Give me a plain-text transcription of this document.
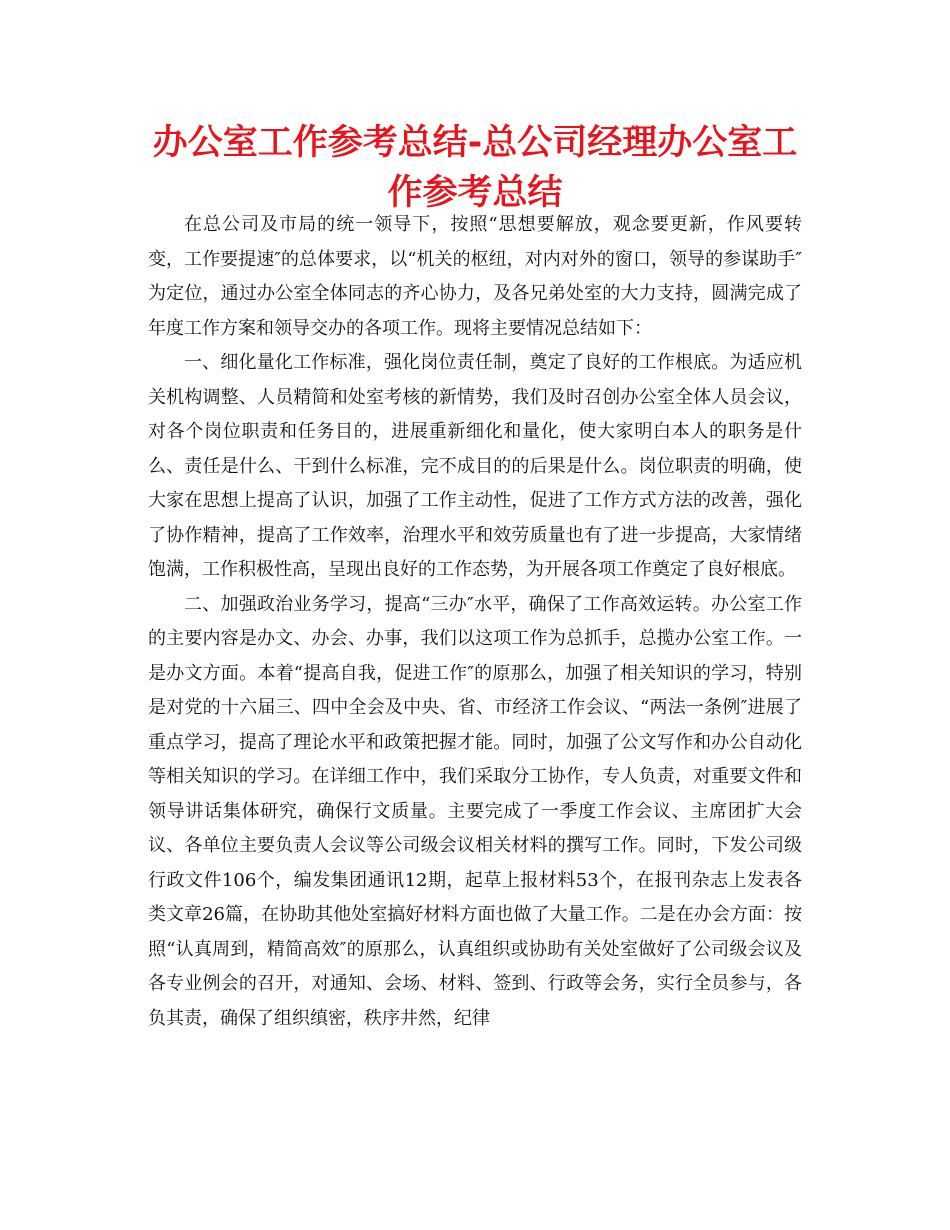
办公室工作参考总结-总公司经理办公室工作参考总结

在总公司及市局的统一领导下，按照“思想要解放，观念要更新，作风要转变，工作要提速″的总体要求，以“机关的枢纽，对内对外的窗口，领导的参谋助手″为定位，通过办公室全体同志的齐心协力，及各兄弟处室的大力支持，圆满完成了年度工作方案和领导交办的各项工作。现将主要情况总结如下：

一、细化量化工作标准，强化岗位责任制，奠定了良好的工作根底。为适应机关机构调整、人员精简和处室考核的新情势，我们及时召创办公室全体人员会议，对各个岗位职责和任务目的，进展重新细化和量化，使大家明白本人的职务是什么、责任是什么、干到什么标准，完不成目的的后果是什么。岗位职责的明确，使大家在思想上提高了认识，加强了工作主动性，促进了工作方式方法的改善，强化了协作精神，提高了工作效率，治理水平和效劳质量也有了进一步提高，大家情绪饱满，工作积极性高，呈现出良好的工作态势，为开展各项工作奠定了良好根底。

二、加强政治业务学习，提高“三办″水平，确保了工作高效运转。办公室工作的主要内容是办文、办会、办事，我们以这项工作为总抓手，总揽办公室工作。一是办文方面。本着“提高自我，促进工作″的原那么，加强了相关知识的学习，特别是对党的十六届三、四中全会及中央、省、市经济工作会议、“两法一条例″进展了重点学习，提高了理论水平和政策把握才能。同时，加强了公文写作和办公自动化等相关知识的学习。在详细工作中，我们采取分工协作，专人负责，对重要文件和领导讲话集体研究，确保行文质量。主要完成了一季度工作会议、主席团扩大会议、各单位主要负责人会议等公司级会议相关材料的撰写工作。同时，下发公司级行政文件106个，编发集团通讯12期，起草上报材料53个，在报刊杂志上发表各类文章26篇，在协助其他处室搞好材料方面也做了大量工作。二是在办会方面：按照“认真周到，精简高效″的原那么，认真组织或协助有关处室做好了公司级会议及各专业例会的召开，对通知、会场、材料、签到、行政等会务，实行全员参与，各负其责，确保了组织缜密，秩序井然，纪律
